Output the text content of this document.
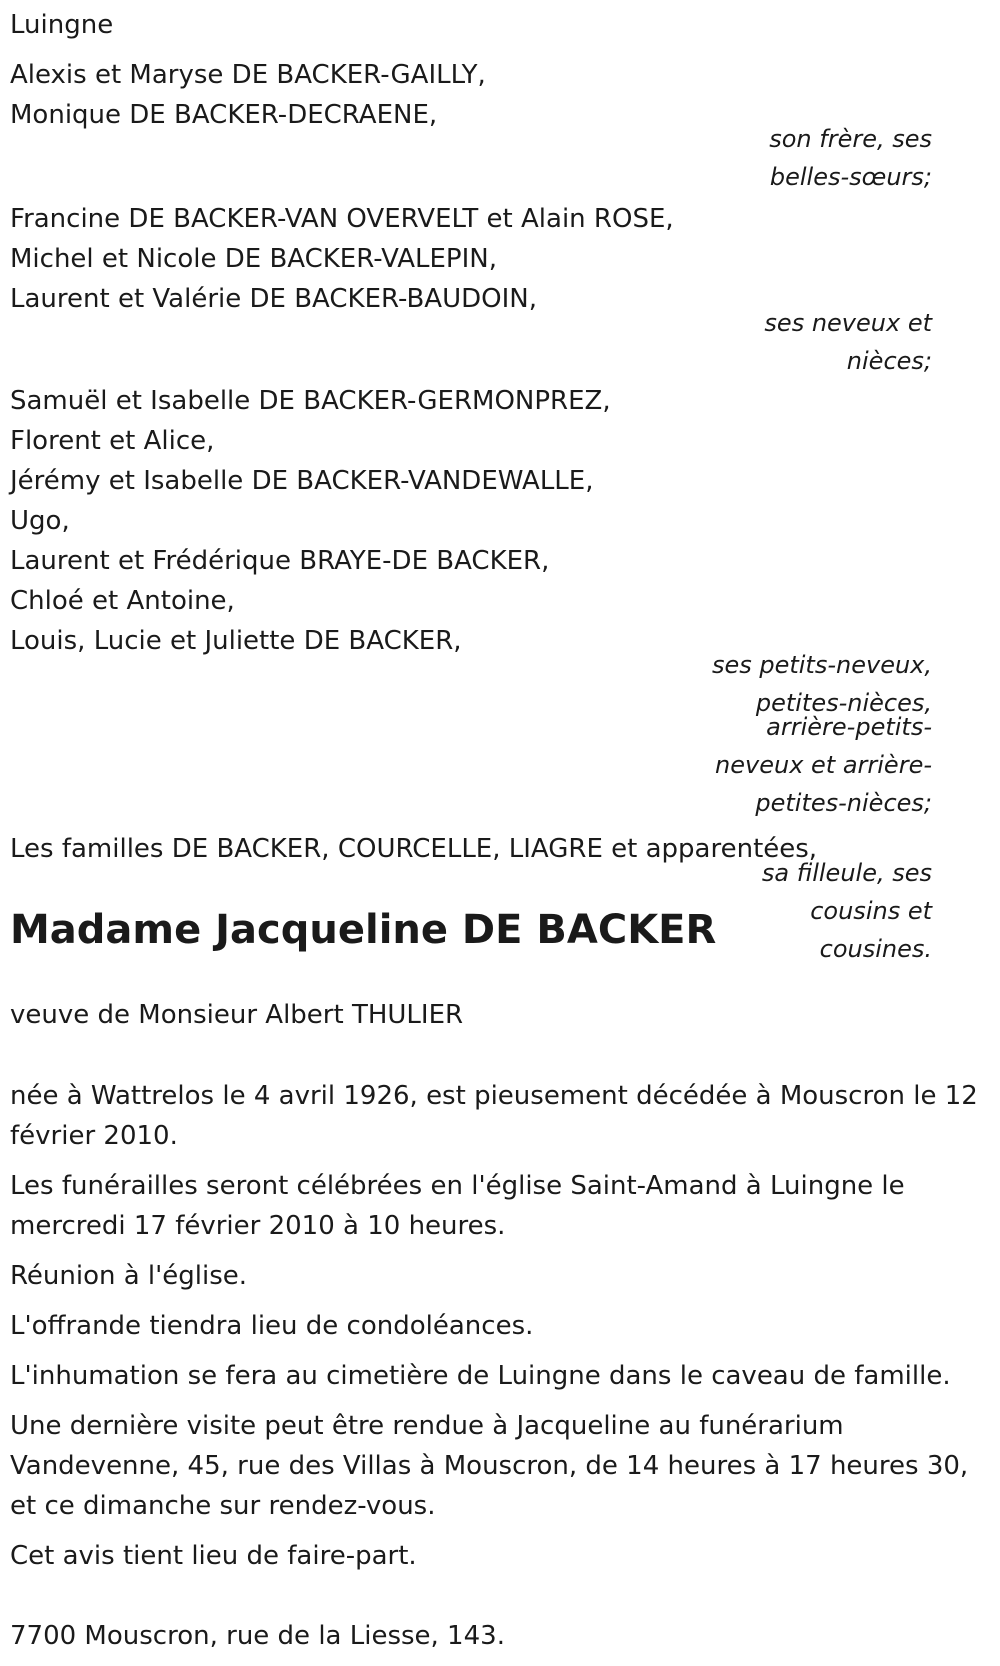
Luingne

Alexis et Maryse DE BACKER-GAILLY,

Monique DE BACKER-DECRAENE,

son frère, ses belles-sœurs;

Francine DE BACKER-VAN OVERVELT et Alain ROSE,

Michel et Nicole DE BACKER-VALEPIN,

Laurent et Valérie DE BACKER-BAUDOIN,

ses neveux et nièces;

Samuël et Isabelle DE BACKER-GERMONPREZ,

Florent et Alice,

Jérémy et Isabelle DE BACKER-VANDEWALLE,

Ugo,

Laurent et Frédérique BRAYE-DE BACKER,

Chloé et Antoine,

Louis, Lucie et Juliette DE BACKER,

ses petits-neveux, petites-nièces,

arrière-petits-neveux et arrière-petites-nièces;

Les familles DE BACKER, COURCELLE, LIAGRE et apparentées,

sa filleule, ses cousins et cousines.

Madame Jacqueline DE BACKER

veuve de Monsieur Albert THULIER

née à Wattrelos le 4 avril 1926, est pieusement décédée à Mouscron le 12 février 2010.

Les funérailles seront célébrées en l'église Saint-Amand à Luingne le mercredi 17 février 2010 à 10 heures.

Réunion à l'église.

L'offrande tiendra lieu de condoléances.

L'inhumation se fera au cimetière de Luingne dans le caveau de famille.

Une dernière visite peut être rendue à Jacqueline au funérarium Vandevenne, 45, rue des Villas à Mouscron, de 14 heures à 17 heures 30, et ce dimanche sur rendez-vous.

Cet avis tient lieu de faire-part.

7700 Mouscron, rue de la Liesse, 143.
